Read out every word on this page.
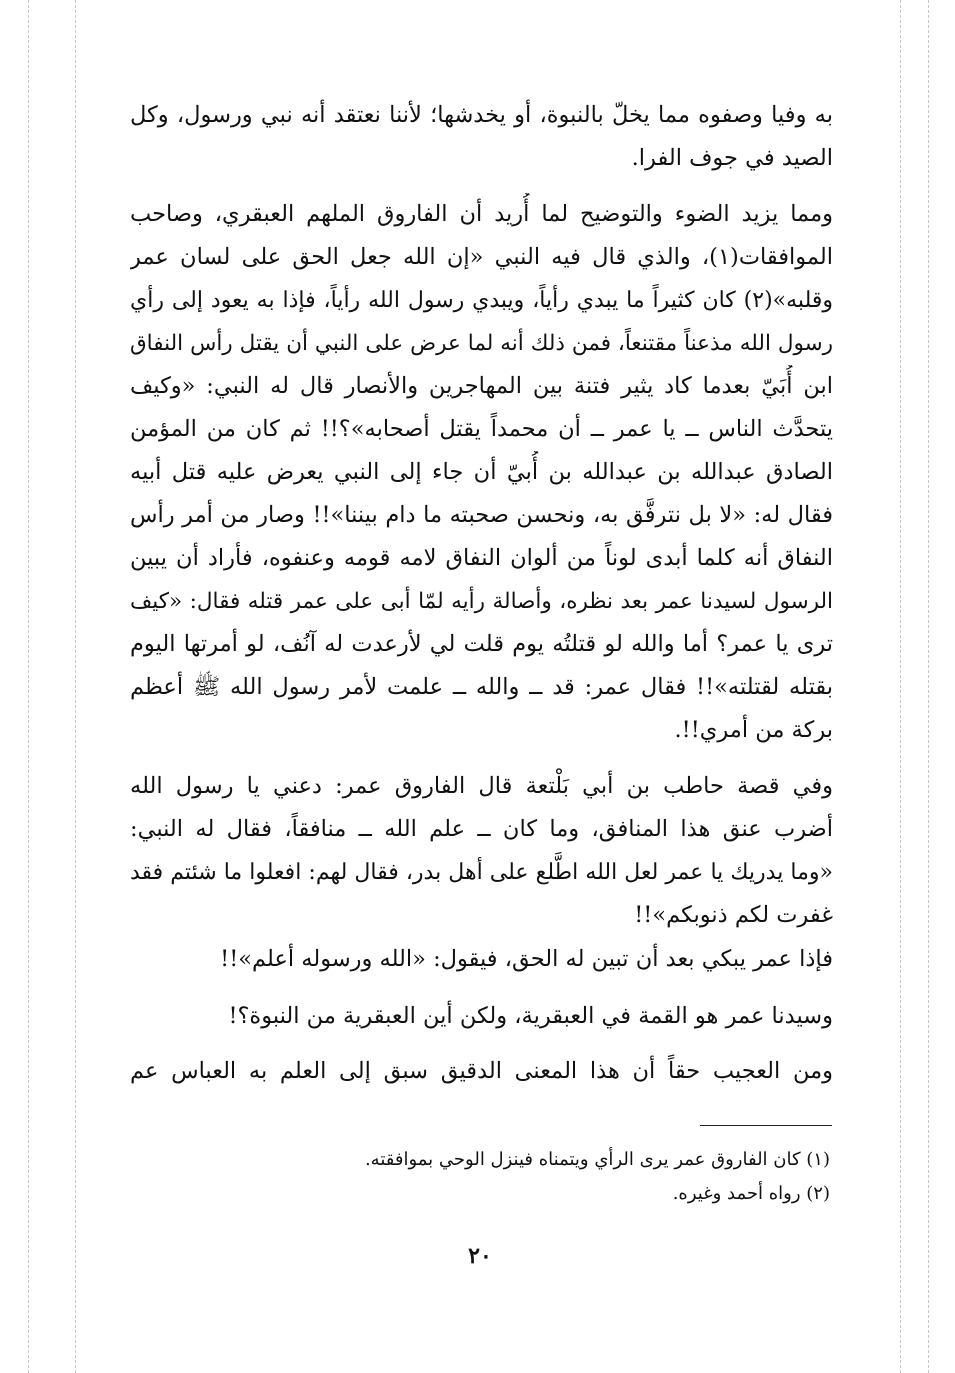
به وفيا وصفوه مما يخلّ بالنبوة، أو يخدشها؛ لأننا نعتقد أنه نبي ورسول، وكل
الصيد في جوف الفرا.
ومما يزيد الضوء والتوضيح لما أُريد أن الفاروق الملهم العبقري، وصاحب
الموافقات(١)، والذي قال فيه النبي «إن الله جعل الحق على لسان عمر
وقلبه»(٢) كان كثيراً ما يبدي رأياً، ويبدي رسول الله رأياً، فإذا به يعود إلى رأي
رسول الله مذعناً مقتنعاً، فمن ذلك أنه لما عرض على النبي أن يقتل رأس النفاق
ابن أُبَيّ بعدما كاد يثير فتنة بين المهاجرين والأنصار قال له النبي: «وكيف
يتحدَّث الناس ــ يا عمر ــ أن محمداً يقتل أصحابه»؟!! ثم كان من المؤمن
الصادق عبدالله بن عبدالله بن أُبيّ أن جاء إلى النبي يعرض عليه قتل أبيه
فقال له: «لا بل نترفَّق به، ونحسن صحبته ما دام بيننا»!! وصار من أمر رأس
النفاق أنه كلما أبدى لوناً من ألوان النفاق لامه قومه وعنفوه، فأراد أن يبين
الرسول لسيدنا عمر بعد نظره، وأصالة رأيه لمّا أبى على عمر قتله فقال: «كيف
ترى يا عمر؟ أما والله لو قتلتُه يوم قلت لي لأرعدت له آنُف، لو أمرتها اليوم
بقتله لقتلته»!! فقال عمر: قد ــ والله ــ علمت لأمر رسول الله ﷺ أعظم
بركة من أمري!!.
وفي قصة حاطب بن أبي بَلْتعة قال الفاروق عمر: دعني يا رسول الله
أضرب عنق هذا المنافق، وما كان ــ علم الله ــ منافقاً، فقال له النبي:
«وما يدريك يا عمر لعل الله اطَّلع على أهل بدر، فقال لهم: افعلوا ما شئتم فقد
غفرت لكم ذنوبكم»!!
فإذا عمر يبكي بعد أن تبين له الحق، فيقول: «الله ورسوله أعلم»!!
وسيدنا عمر هو القمة في العبقرية، ولكن أين العبقرية من النبوة؟!
ومن العجيب حقاً أن هذا المعنى الدقيق سبق إلى العلم به العباس عم
(١) كان الفاروق عمر يرى الرأي ويتمناه فينزل الوحي بموافقته.
(٢) رواه أحمد وغيره.
٢٠
